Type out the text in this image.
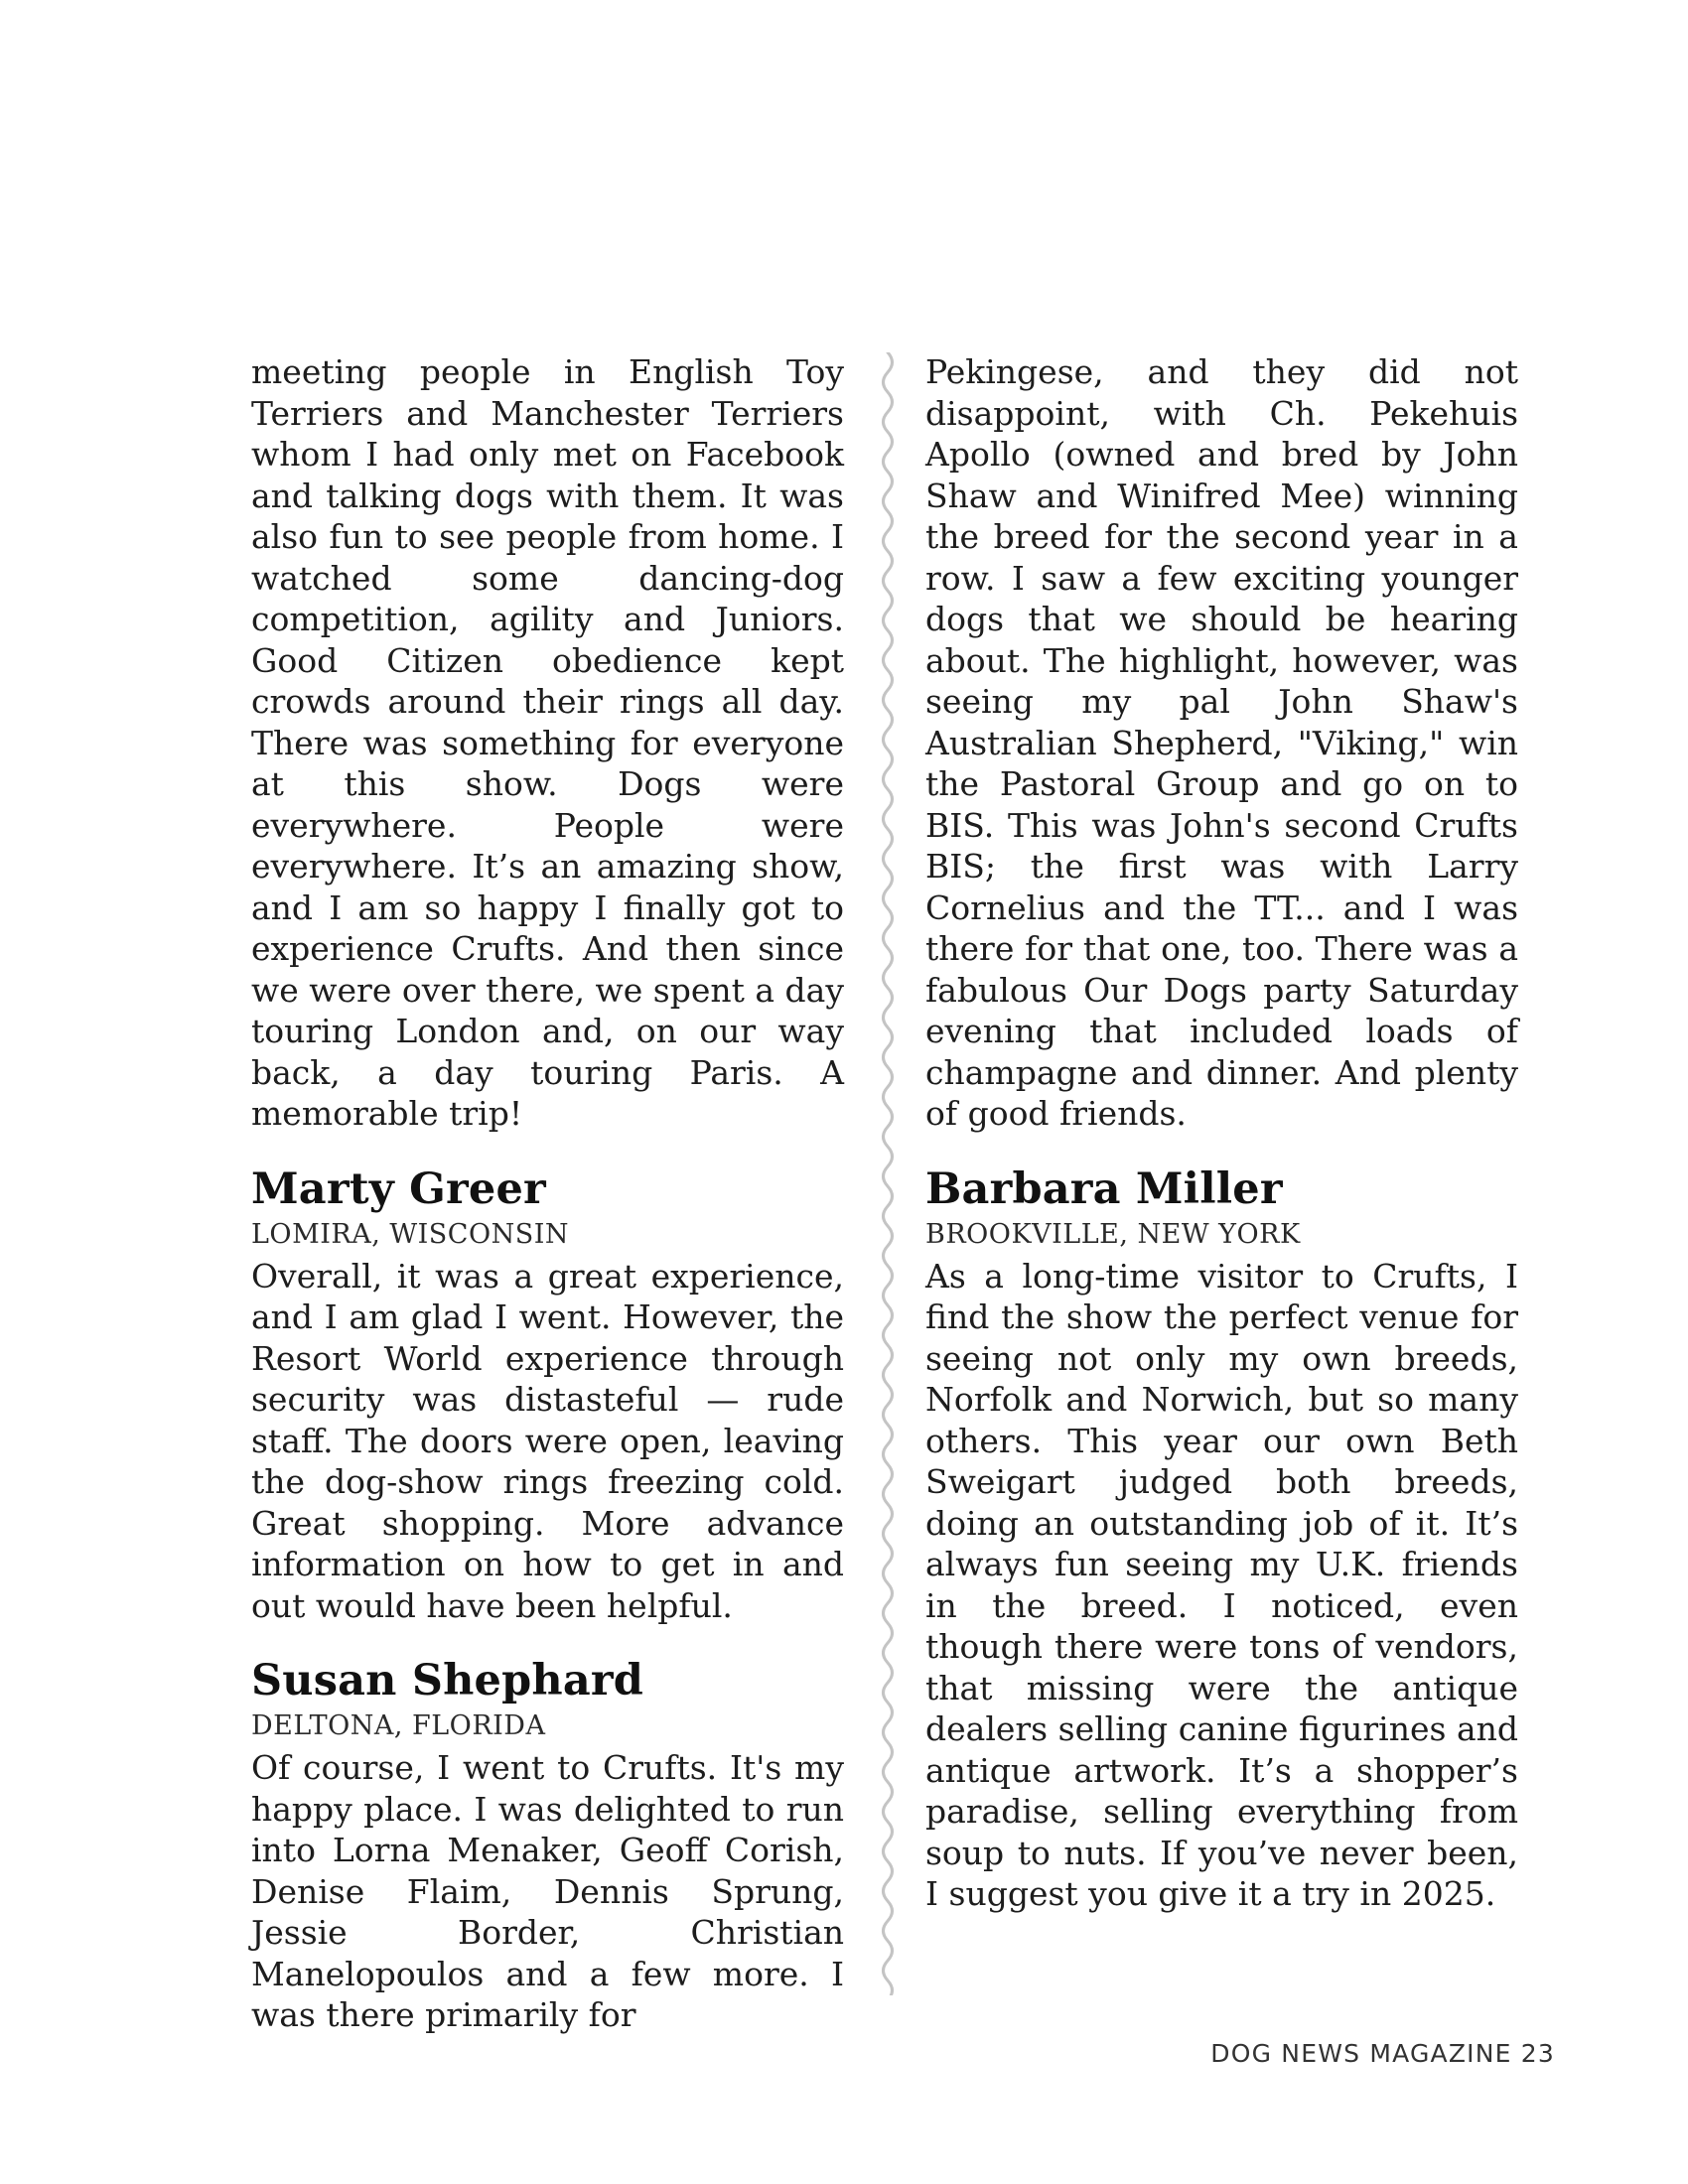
meeting people in English Toy Terriers and Manchester Terriers whom I had only met on Facebook and talking dogs with them. It was also fun to see people from home. I watched some dancing-dog competition, agility and Juniors. Good Citizen obedience kept crowds around their rings all day. There was something for everyone at this show. Dogs were everywhere. People were everywhere. It’s an amazing show, and I am so happy I finally got to experience Crufts. And then since we were over there, we spent a day touring London and, on our way back, a day touring Paris. A memorable trip!

Marty Greer
LOMIRA, WISCONSIN

Overall, it was a great experience, and I am glad I went. However, the Resort World experience through security was distasteful — rude staff. The doors were open, leaving the dog-show rings freezing cold. Great shopping. More advance information on how to get in and out would have been helpful.

Susan Shephard
DELTONA, FLORIDA

Of course, I went to Crufts. It's my happy place. I was delighted to run into Lorna Menaker, Geoff Corish, Denise Flaim, Dennis Sprung, Jessie Border, Christian Manelopoulos and a few more. I was there primarily for

Pekingese, and they did not disappoint, with Ch. Pekehuis Apollo (owned and bred by John Shaw and Winifred Mee) winning the breed for the second year in a row. I saw a few exciting younger dogs that we should be hearing about. The highlight, however, was seeing my pal John Shaw's Australian Shepherd, "Viking," win the Pastoral Group and go on to BIS. This was John's second Crufts BIS; the first was with Larry Cornelius and the TT... and I was there for that one, too. There was a fabulous Our Dogs party Saturday evening that included loads of champagne and dinner. And plenty of good friends.

Barbara Miller
BROOKVILLE, NEW YORK

As a long-time visitor to Crufts, I find the show the perfect venue for seeing not only my own breeds, Norfolk and Norwich, but so many others. This year our own Beth Sweigart judged both breeds, doing an outstanding job of it. It’s always fun seeing my U.K. friends in the breed. I noticed, even though there were tons of vendors, that missing were the antique dealers selling canine figurines and antique artwork. It’s a shopper’s paradise, selling everything from soup to nuts. If you’ve never been, I suggest you give it a try in 2025.

DOG NEWS MAGAZINE 23
